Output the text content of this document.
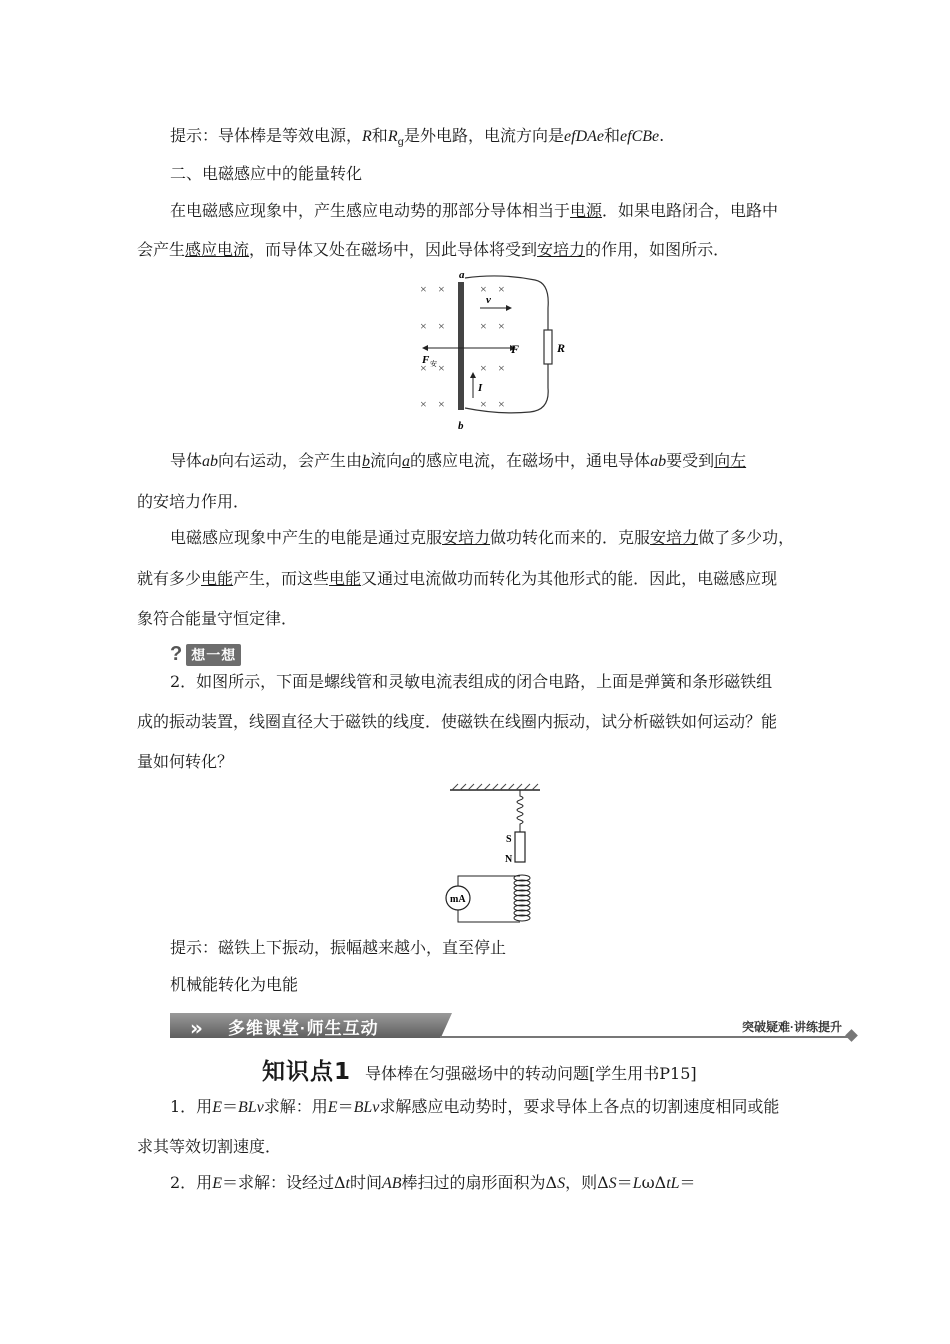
提示：导体棒是等效电源，R和$R_g$是外电路，电流方向是efDAe和efCBe.
二、电磁感应中的能量转化
在电磁感应现象中，产生感应电动势的那部分导体相当于电源．如果电路闭合，电路中
会产生感应电流，而导体又处在磁场中，因此导体将受到安培力的作用，如图所示．
R
a
b
× ×	× ×
× ×	× ×
× ×	× ×
× ×	× ×
v
F
F 安
I
导体ab向右运动，会产生由b流向a的感应电流，在磁场中，通电导体ab要受到向左
的安培力作用．
电磁感应现象中产生的电能是通过克服安培力做功转化而来的．克服安培力做了多少功，
就有多少电能产生，而这些电能又通过电流做功而转化为其他形式的能．因此，电磁感应现
象符合能量守恒定律．
? 想一想
2．如图所示，下面是螺线管和灵敏电流表组成的闭合电路，上面是弹簧和条形磁铁组
成的振动装置，线圈直径大于磁铁的线度．使磁铁在线圈内振动，试分析磁铁如何运动？能
量如何转化？
S
N
mA
提示：磁铁上下振动，振幅越来越小，直至停止
机械能转化为电能
» 多维课堂·师生互动	突破疑难·讲练提升
知识点1 导体棒在匀强磁场中的转动问题[学生用书P15]
1．用E＝BLv求解：用E＝BLv求解感应电动势时，要求导体上各点的切割速度相同或能
求其等效切割速度．
2．用E＝求解：设经过Δt时间AB棒扫过的扇形面积为ΔS，则ΔS＝LωΔtL＝
